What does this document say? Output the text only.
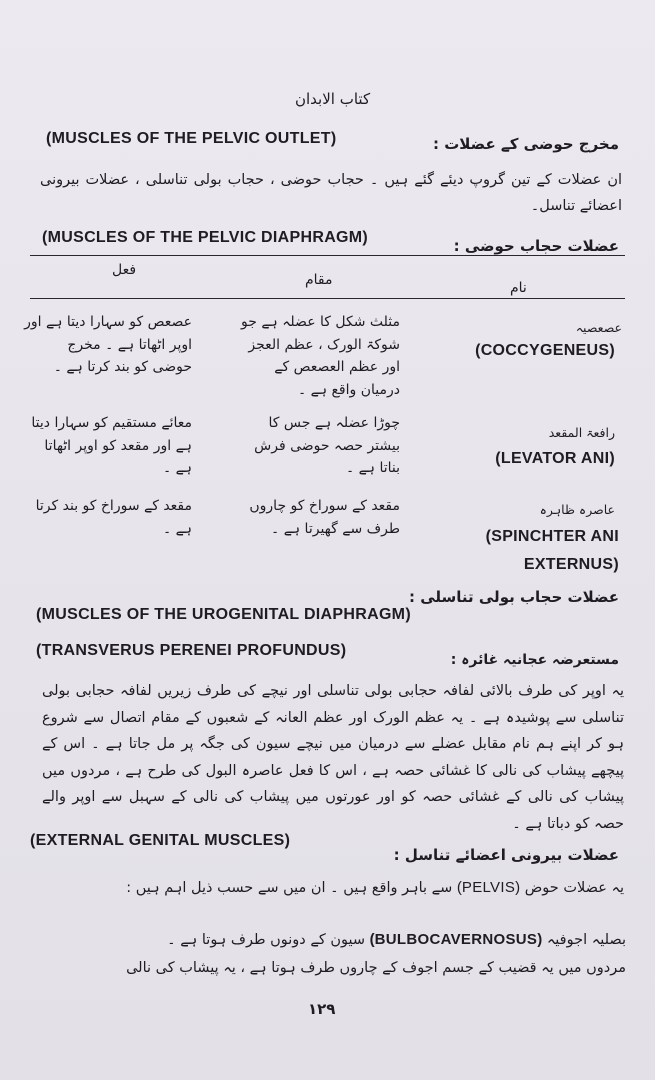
كتاب الابدان
مخرج حوضی کے عضلات :
(MUSCLES OF THE PELVIC OUTLET)

ان عضلات کے تین گروپ دیئے گئے ہیں ۔ حجاب حوضی ، حجاب بولی تناسلی ، عضلات بیرونی اعضائے تناسل۔

عضلات حجاب حوضی :
(MUSCLES OF THE PELVIC DIAPHRAGM)
فعل
مقام	نام
عصعصیہ
(COCCYGENEUS)
مثلث شکل کا عضلہ ہے جو شوکۃ الورک ، عظم العجز اور عظم العصعص کے درمیان واقع ہے ۔
عصعص کو سہارا دیتا ہے اور اوپر اٹھاتا ہے ۔ مخرج حوضی کو بند کرتا ہے ۔
رافعۃ المقعد
(LEVATOR ANI)
چوڑا عضلہ ہے جس کا بیشتر حصہ حوضی فرش بناتا ہے ۔
معائے مستقیم کو سہارا دیتا ہے اور مقعد کو اوپر اٹھاتا ہے ۔
عاصرہ ظاہرہ
(SPINCHTER ANI EXTERNUS)
مقعد کے سوراخ کو چاروں طرف سے گھیرتا ہے ۔
مقعد کے سوراخ کو بند کرتا ہے ۔
عضلات حجاب بولی تناسلی :
(MUSCLES OF THE UROGENITAL DIAPHRAGM)
مستعرضہ عجانیہ غائرہ :
(TRANSVERUS PERENEI PROFUNDUS)

یہ اوپر کی طرف بالائی لفافہ حجابی بولی تناسلی اور نیچے کی طرف زیریں لفافہ حجابی بولی تناسلی سے پوشیدہ ہے ۔ یہ عظم الورک اور عظم العانہ کے شعبوں کے مقام اتصال سے شروع ہو کر اپنے ہم نام مقابل عضلے سے درمیان میں نیچے سیون کی جگہ پر مل جاتا ہے ۔ اس کے پیچھے پیشاب کی نالی کا غشائی حصہ ہے ، اس کا فعل عاصرہ البول کی طرح ہے ، مردوں میں پیشاب کی نالی کے غشائی حصہ کو اور عورتوں میں پیشاب کی نالی کے سہبل سے اوپر والے حصہ کو دباتا ہے ۔

عضلات بیرونی اعضائے تناسل :
(EXTERNAL GENITAL MUSCLES)

یہ عضلات حوض (PELVIS) سے باہر واقع ہیں ۔ ان میں سے حسب ذیل اہم ہیں :

بصلیہ اجوفیہ (BULBOCAVERNOSUS) سیون کے دونوں طرف ہوتا ہے ۔

مردوں میں یہ قضیب کے جسم اجوف کے چاروں طرف ہوتا ہے ، یہ پیشاب کی نالی

١٢٩
